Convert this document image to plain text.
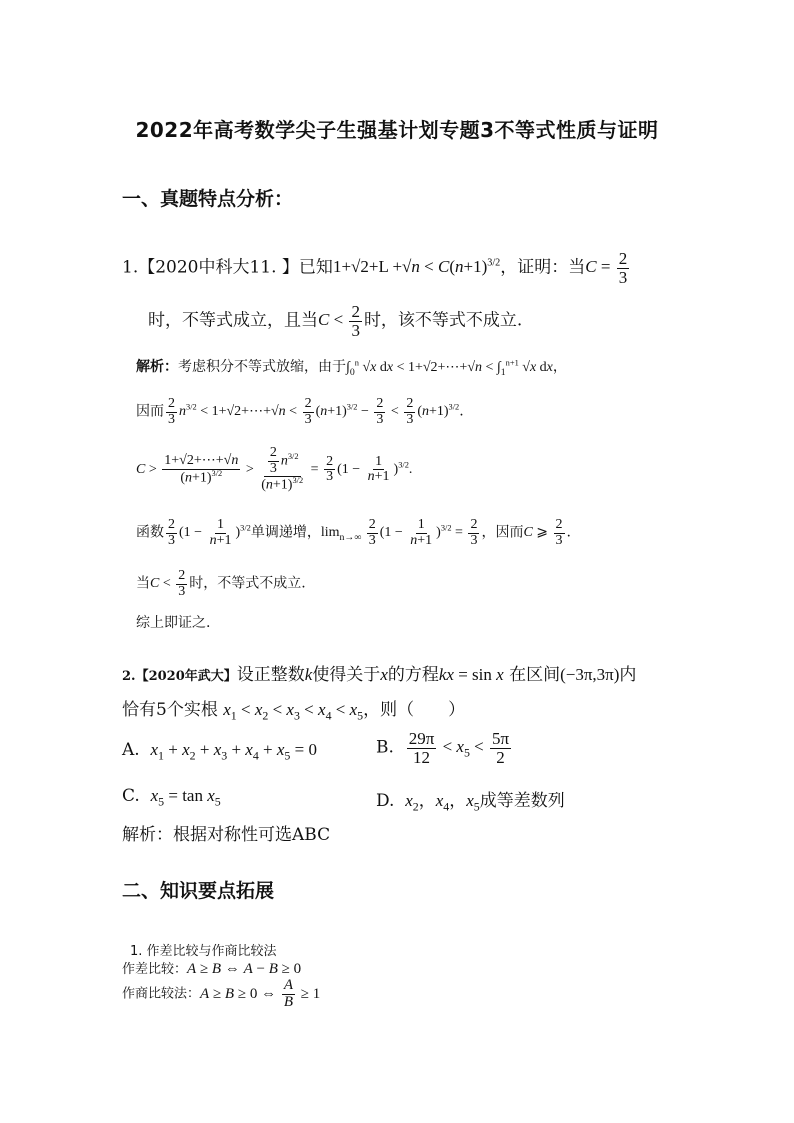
2022年高考数学尖子生强基计划专题3不等式性质与证明
一、真题特点分析：
1.【2020中科大11. 】已知$1+√2+L +√n < C(n+1)^{3/2}$，证明：当$C = \frac{2}{3}$
时，不等式成立，且当$C < \frac{2}{3}$ 时，该不等式不成立.
解析：考虑积分不等式放缩，由于$\int_0^n$ √x dx < 1+√2+⋯+√n < $\int_1^{n+1}$ √x dx，
因而 $\frac{2}{3} n^{3/2}$ < 1+√2+⋯+√n < $\frac{2}{3} (n+1)^{3/2} - \frac{2}{3} < \frac{2}{3} (n+1)^{3/2}$.
$C > \frac{1+√2+\cdots+√n}{(n+1)^{3/2}} > \frac{\frac{2}{3} n^{3/2}}{(n+1)^{3/2}} = \frac{2}{3} (1 - \frac{1}{n+1} )^{3/2}$.
函数 $\frac{2}{3} (1 - \frac{1}{n+1} )^{3/2}$单调递增，$\lim_{n\to\infty} \frac{2}{3} (1 - \frac{1}{n+1} )^{3/2} = \frac{2}{3}$ ，因而C ⩾ $\frac{2}{3}$ .
当$C < \frac{2}{3}$ 时，不等式不成立.
综上即证之.
2.【2020年武大】设正整数k使得关于x的方程kx = sin x 在区间(−3π,3π)内
恰有5个实根 $x_1 < x_2 < x_3 < x_4 < x_5$，则（　　）
A. $x_1 + x_2 + x_3 + x_4 + x_5 = 0$	B. $\frac{29\pi}{12} < x_5 < \frac{5\pi}{2}$
C. $x_5 = \tan x_5$	D. $x_2$，$x_4$，$x_5$成等差数列
解析：根据对称性可选ABC
二、知识要点拓展
1. 作差比较与作商比较法
作差比较：A ≥ B ⇔ A − B ≥ 0
作商比较法：A ≥ B ≥ 0 ⇔ $\frac{A}{B} \ge 1$
